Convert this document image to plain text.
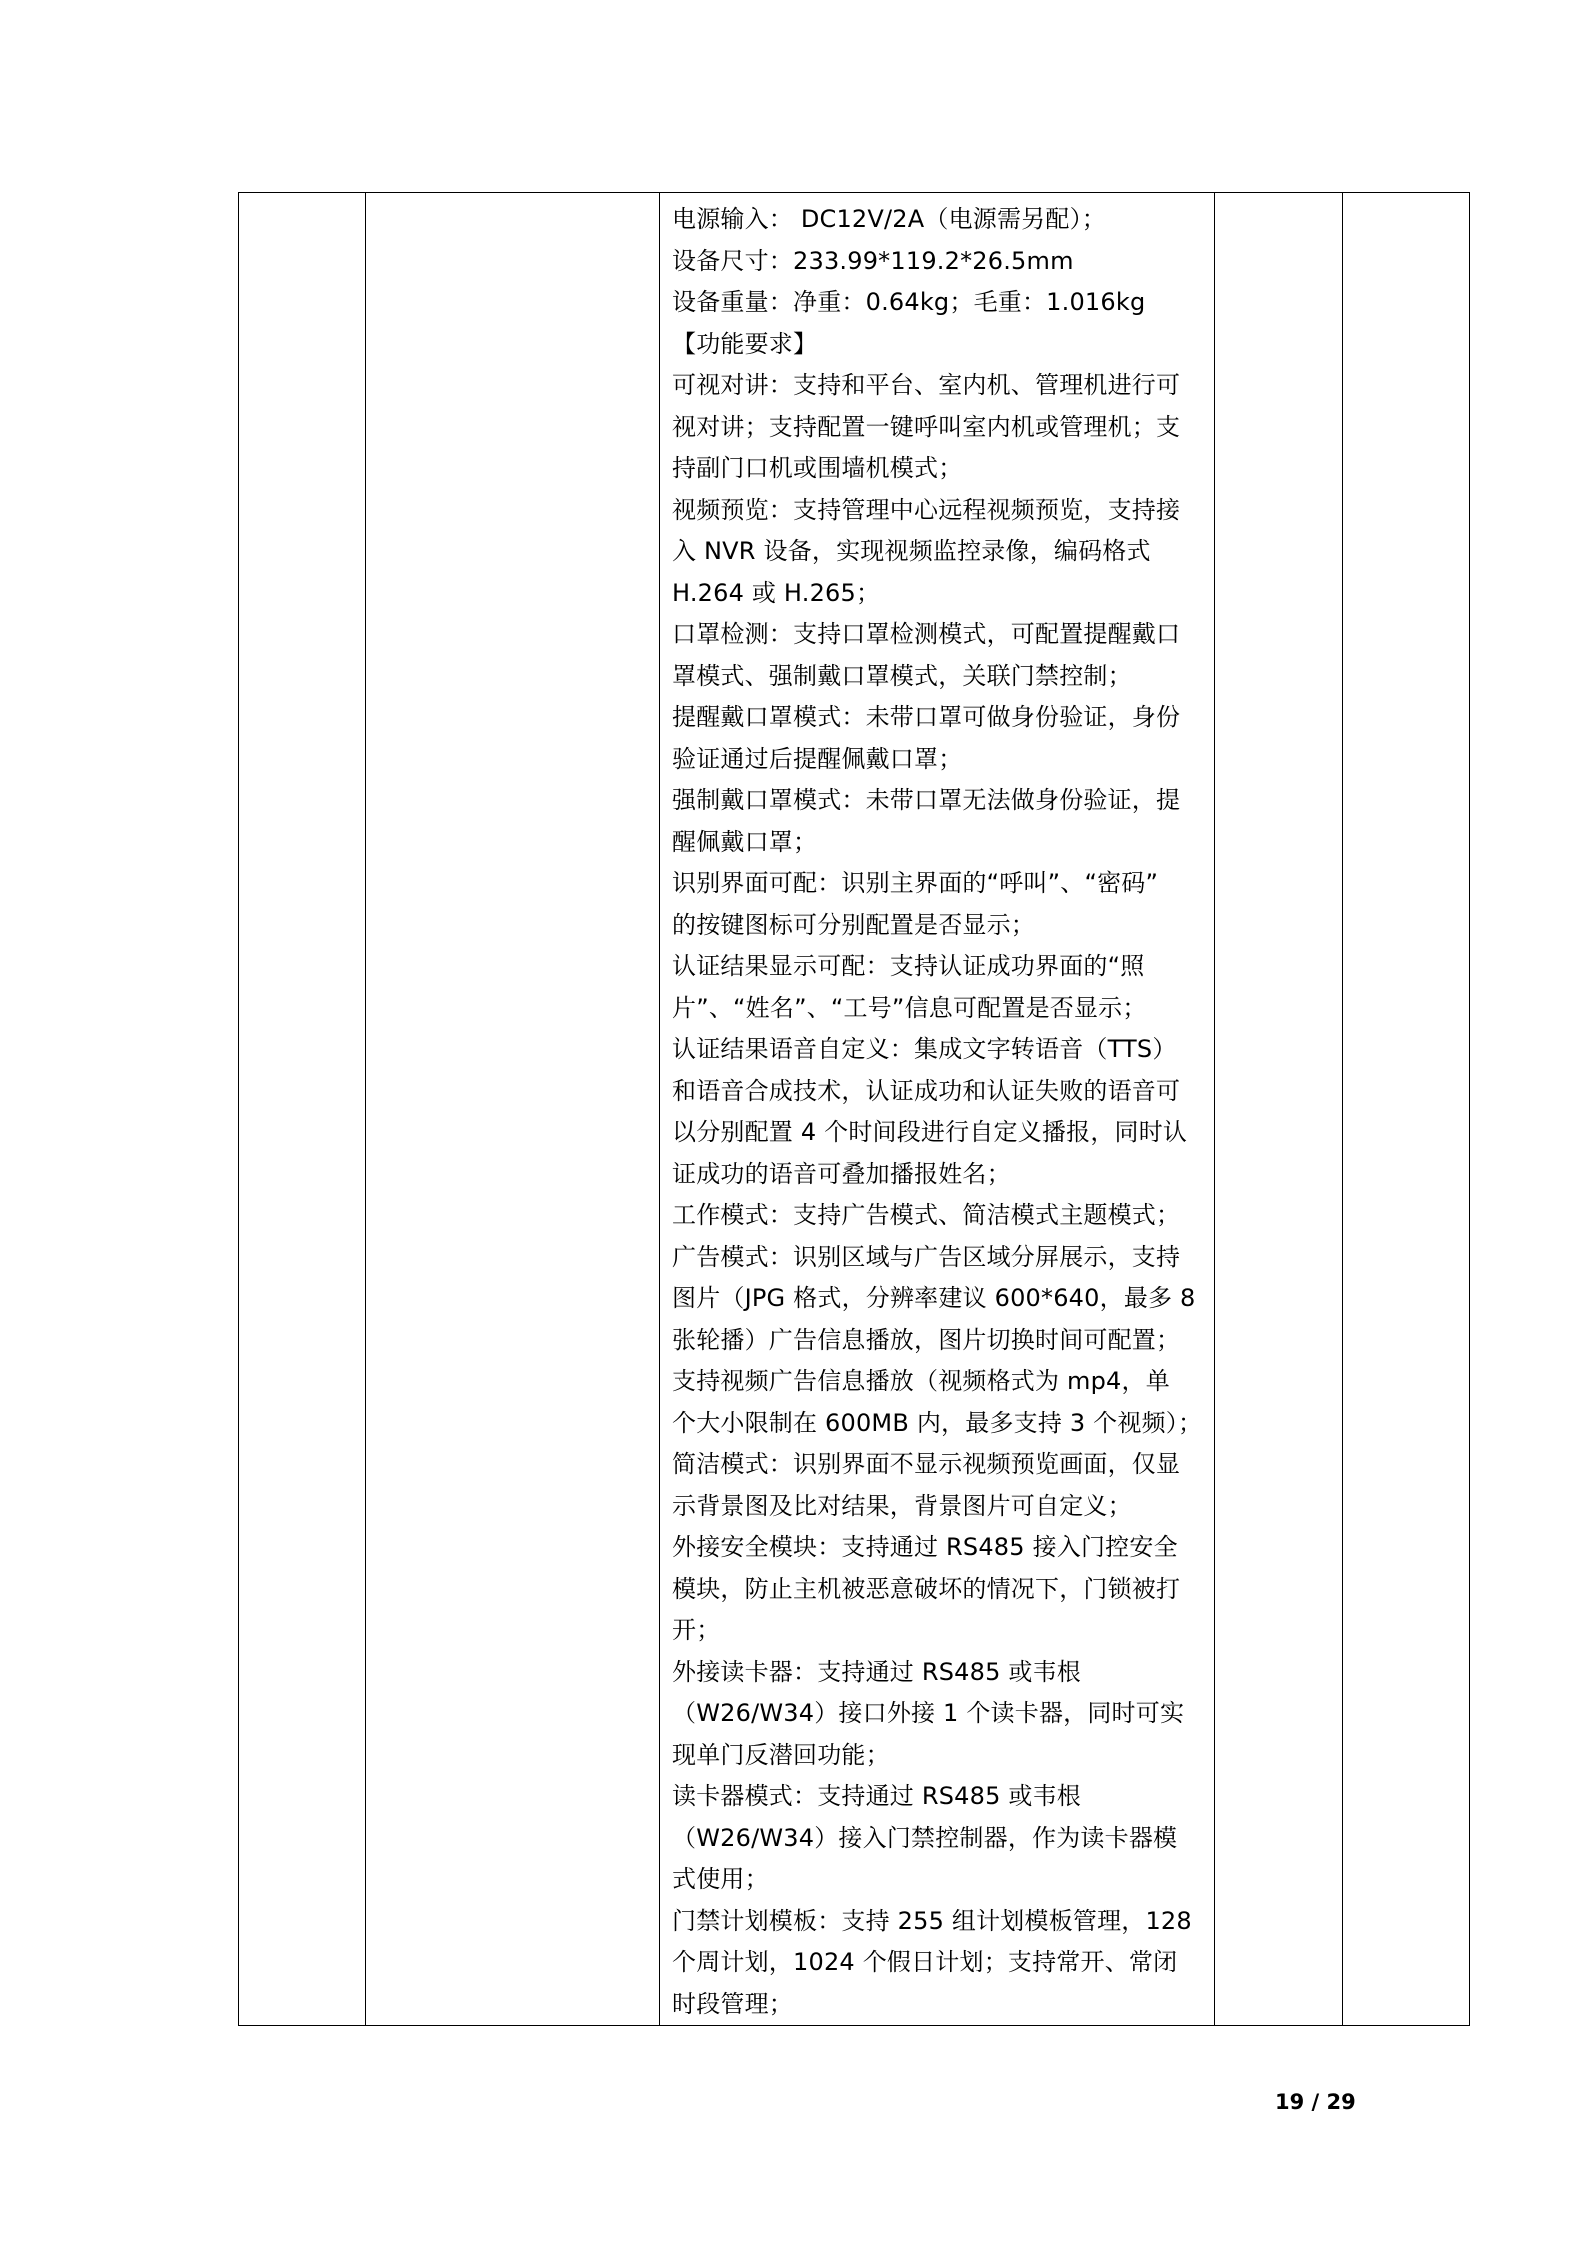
电源输入： DC12V/2A（电源需另配）；
设备尺寸：233.99*119.2*26.5mm
设备重量：净重：0.64kg；毛重：1.016kg
【功能要求】
可视对讲：支持和平台、室内机、管理机进行可
视对讲；支持配置一键呼叫室内机或管理机；支
持副门口机或围墙机模式；
视频预览：支持管理中心远程视频预览，支持接
入 NVR 设备，实现视频监控录像，编码格式
H.264 或 H.265；
口罩检测：支持口罩检测模式，可配置提醒戴口
罩模式、强制戴口罩模式，关联门禁控制；
提醒戴口罩模式：未带口罩可做身份验证，身份
验证通过后提醒佩戴口罩；
强制戴口罩模式：未带口罩无法做身份验证，提
醒佩戴口罩；
识别界面可配：识别主界面的“呼叫”、“密码”
的按键图标可分别配置是否显示；
认证结果显示可配：支持认证成功界面的“照
片”、“姓名”、“工号”信息可配置是否显示；
认证结果语音自定义：集成文字转语音（TTS）
和语音合成技术，认证成功和认证失败的语音可
以分别配置 4 个时间段进行自定义播报，同时认
证成功的语音可叠加播报姓名；
工作模式：支持广告模式、简洁模式主题模式；
广告模式：识别区域与广告区域分屏展示，支持
图片（JPG 格式，分辨率建议 600*640，最多 8
张轮播）广告信息播放，图片切换时间可配置；
支持视频广告信息播放（视频格式为 mp4，单
个大小限制在 600MB 内，最多支持 3 个视频）；
简洁模式：识别界面不显示视频预览画面，仅显
示背景图及比对结果，背景图片可自定义；
外接安全模块：支持通过 RS485 接入门控安全
模块，防止主机被恶意破坏的情况下，门锁被打
开；
外接读卡器：支持通过 RS485 或韦根
（W26/W34）接口外接 1 个读卡器，同时可实
现单门反潜回功能；
读卡器模式：支持通过 RS485 或韦根
（W26/W34）接入门禁控制器，作为读卡器模
式使用；
门禁计划模板：支持 255 组计划模板管理，128
个周计划，1024 个假日计划；支持常开、常闭
时段管理；

19 / 29
